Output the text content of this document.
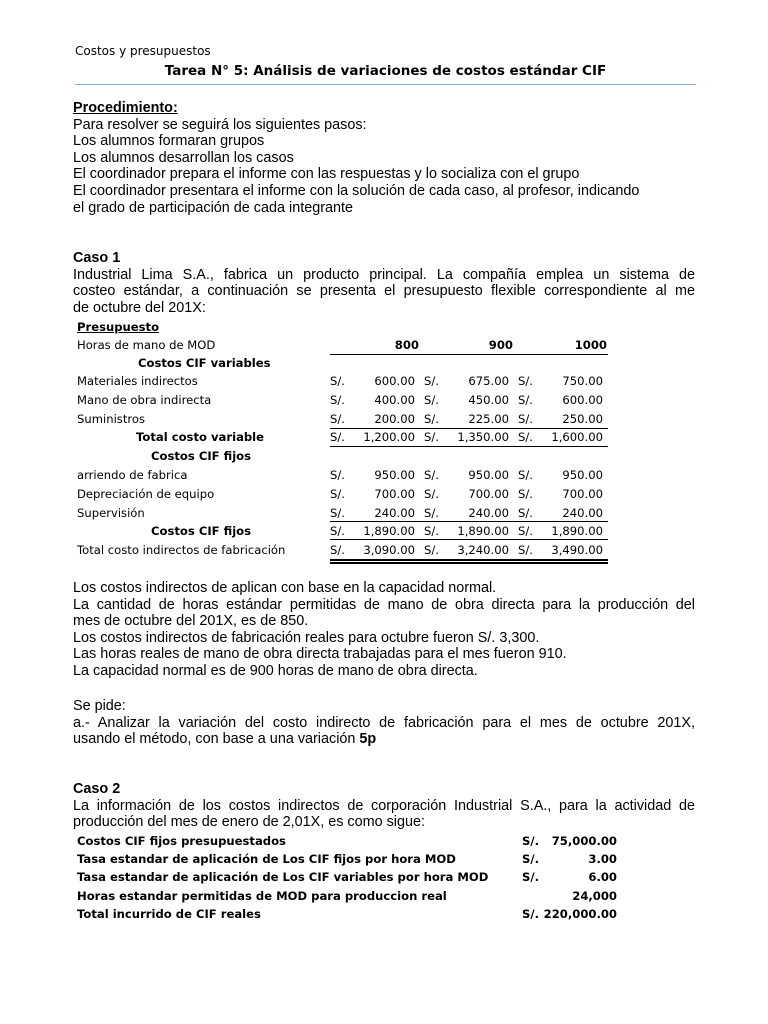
Costos y presupuestos
Tarea N° 5: Análisis de variaciones de costos estándar CIF
Procedimiento:
Para resolver se seguirá los siguientes pasos:
Los alumnos formaran grupos
Los alumnos desarrollan los casos
El coordinador prepara el informe con las respuestas y lo socializa con el grupo
El coordinador presentara el informe con la solución de cada caso, al profesor, indicando
el grado de participación de cada integrante
Caso 1
Industrial Lima S.A., fabrica un producto principal. La compañía emplea un sistema de
costeo estándar, a continuación se presenta el presupuesto flexible correspondiente al me
de octubre del 201X:
Presupuesto
Horas de mano de MOD	800	900	1000
Costos CIF variables
Materiales indirectos	S/.	600.00 S/.	675.00 S/.	750.00
Mano de obra indirecta	S/.	400.00 S/.	450.00 S/.	600.00
Suministros	S/.	200.00 S/.	225.00 S/.	250.00
Total costo variable	S/.	1,200.00 S/.	1,350.00 S/.	1,600.00
Costos CIF fijos
arriendo de fabrica	S/.	950.00 S/.	950.00 S/.	950.00
Depreciación de equipo	S/.	700.00 S/.	700.00 S/.	700.00
Supervisión	S/.	240.00 S/.	240.00 S/.	240.00
Costos CIF fijos	S/.	1,890.00 S/.	1,890.00 S/.	1,890.00
Total costo indirectos de fabricación	S/.	3,090.00 S/.	3,240.00 S/.	3,490.00
Los costos indirectos de aplican con base en la capacidad normal.
La cantidad de horas estándar permitidas de mano de obra directa para la producción del
mes de octubre del 201X, es de 850.
Los costos indirectos de fabricación reales para octubre fueron S/. 3,300.
Las horas reales de mano de obra directa trabajadas para el mes fueron 910.
La capacidad normal es de 900 horas de mano de obra directa.
Se pide:
a.- Analizar la variación del costo indirecto de fabricación para el mes de octubre 201X,
usando el método, con base a una variación 5p
Caso 2
La información de los costos indirectos de corporación Industrial S.A., para la actividad de
producción del mes de enero de 2,01X, es como sigue:
Costos CIF fijos presupuestados	S/.	75,000.00
Tasa estandar de aplicación de Los CIF fijos por hora MOD	S/.	3.00
Tasa estandar de aplicación de Los CIF variables por hora MOD	S/.	6.00
Horas estandar permitidas de MOD para produccion real	24,000
Total incurrido de CIF reales	S/. 220,000.00
